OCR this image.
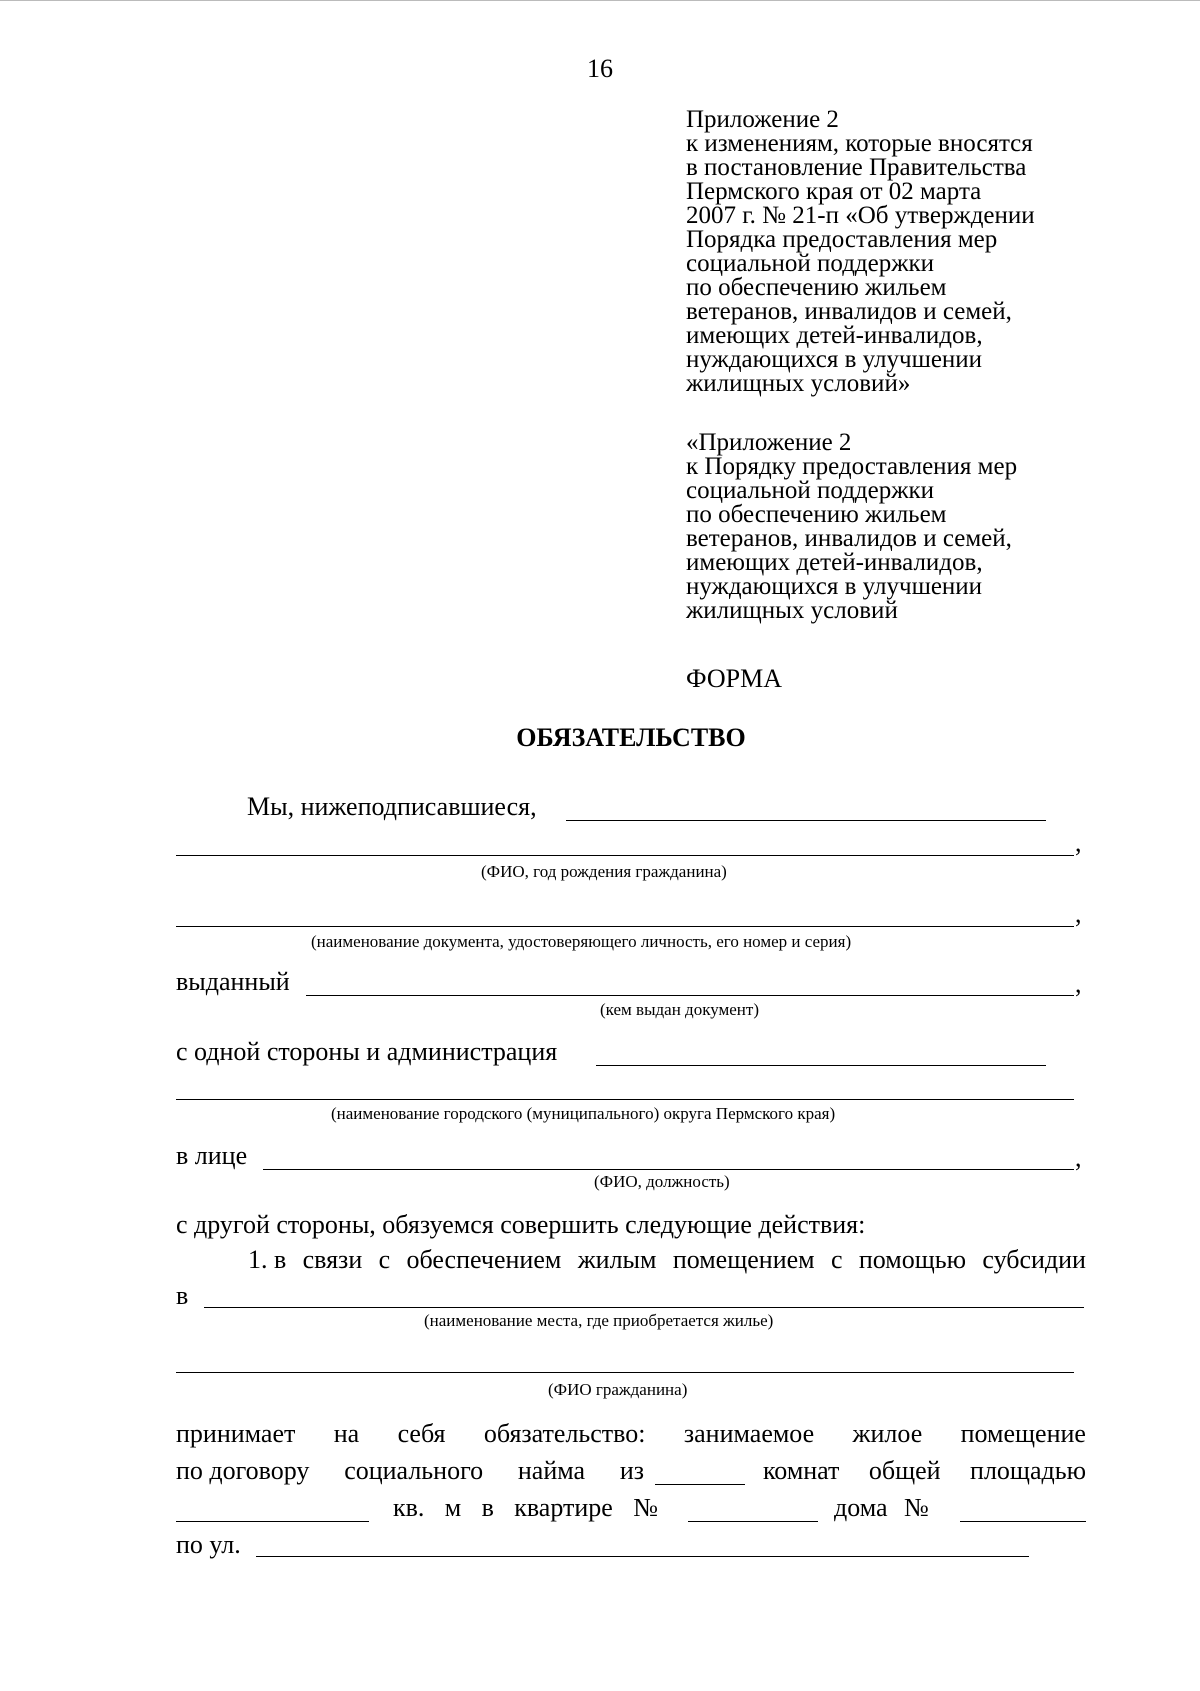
16
Приложение 2
к изменениям, которые вносятся
в постановление Правительства
Пермского края от 02 марта
2007 г. № 21-п «Об утверждении
Порядка предоставления мер
социальной поддержки
по обеспечению жильем
ветеранов, инвалидов и семей,
имеющих детей-инвалидов,
нуждающихся в улучшении
жилищных условий»
«Приложение 2
к Порядку предоставления мер
социальной поддержки
по обеспечению жильем
ветеранов, инвалидов и семей,
имеющих детей-инвалидов,
нуждающихся в улучшении
жилищных условий
ФОРМА
ОБЯЗАТЕЛЬСТВО
Мы, нижеподписавшиеся,
,
(ФИО, год рождения гражданина)
,
(наименование документа, удостоверяющего личность, его номер и серия)
выданный	,
(кем выдан документ)
с одной стороны и администрация
(наименование городского (муниципального) округа Пермского края)
в лице	,
(ФИО, должность)
с другой стороны, обязуемся совершить следующие действия:
1. в связи с обеспечением жилым помещением с помощью субсидии
в
(наименование места, где приобретается жилье)
(ФИО гражданина)
принимает на себя обязательство: занимаемое жилое помещение
по договору социального найма из	комнат общей площадью
кв. м в квартире №	дома №
по ул.
